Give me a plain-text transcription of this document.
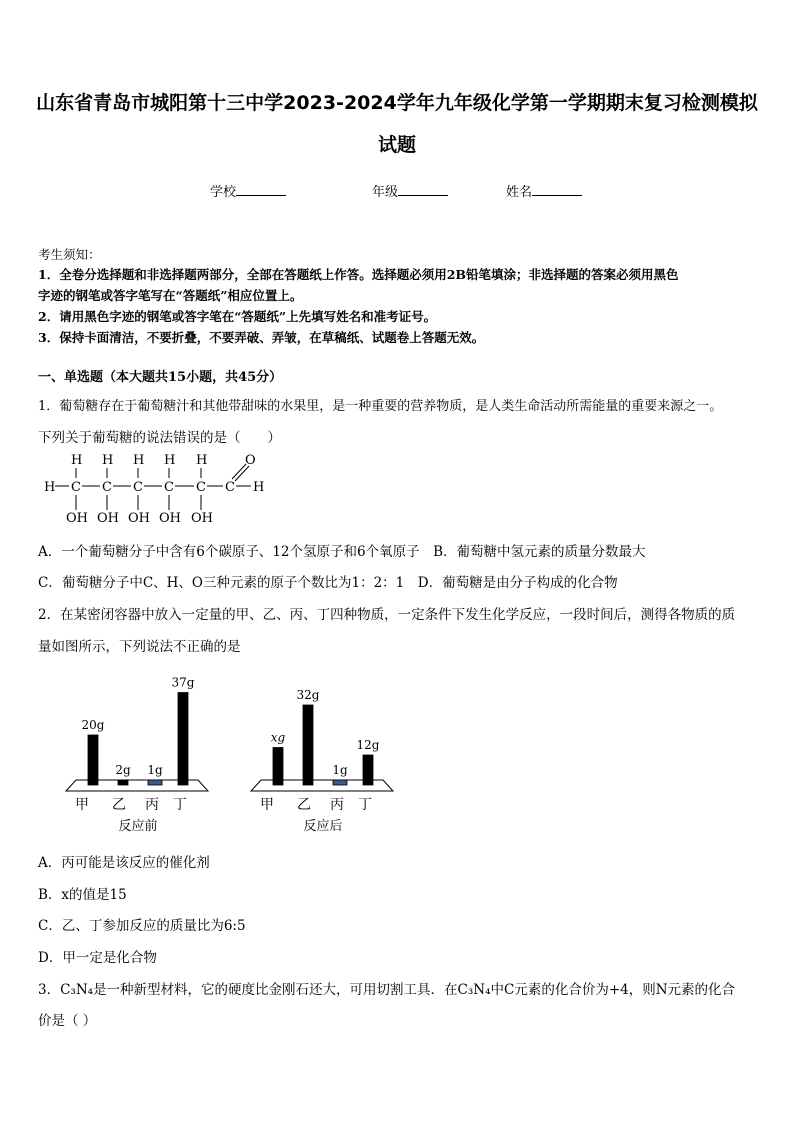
山东省青岛市城阳第十三中学2023-2024学年九年级化学第一学期期末复习检测模拟
试题
学校	年级	姓名
考生须知：
1．全卷分选择题和非选择题两部分，全部在答题纸上作答。选择题必须用2B铅笔填涂；非选择题的答案必须用黑色
字迹的钢笔或答字笔写在“答题纸”相应位置上。
2．请用黑色字迹的钢笔或答字笔在“答题纸”上先填写姓名和准考证号。
3．保持卡面清洁，不要折叠，不要弄破、弄皱，在草稿纸、试题卷上答题无效。
一、单选题（本大题共15小题，共45分）
1．葡萄糖存在于葡萄糖汁和其他带甜味的水果里，是一种重要的营养物质，是人类生命活动所需能量的重要来源之一。
下列关于葡萄糖的说法错误的是（　　）
H H H H H	O
H C C C C C C H
OH OH OH OH OH
A．一个葡萄糖分子中含有6个碳原子、12个氢原子和6个氧原子　B．葡萄糖中氢元素的质量分数最大
C．葡萄糖分子中C、H、O三种元素的原子个数比为1：2：1　D．葡萄糖是由分子构成的化合物
2．在某密闭容器中放入一定量的甲、乙、丙、丁四种物质，一定条件下发生化学反应，一段时间后，测得各物质的质
量如图所示，下列说法不正确的是
20g
甲
2g
乙
1g
丙
37g
丁
反应前
xg
甲
32g
乙
1g
丙
12g
丁
反应后
A．丙可能是该反应的催化剂
B．x的值是15
C．乙、丁参加反应的质量比为6:5
D．甲一定是化合物
3．C₃N₄是一种新型材料，它的硬度比金刚石还大，可用切割工具．在C₃N₄中C元素的化合价为+4，则N元素的化合
价是（ ）
